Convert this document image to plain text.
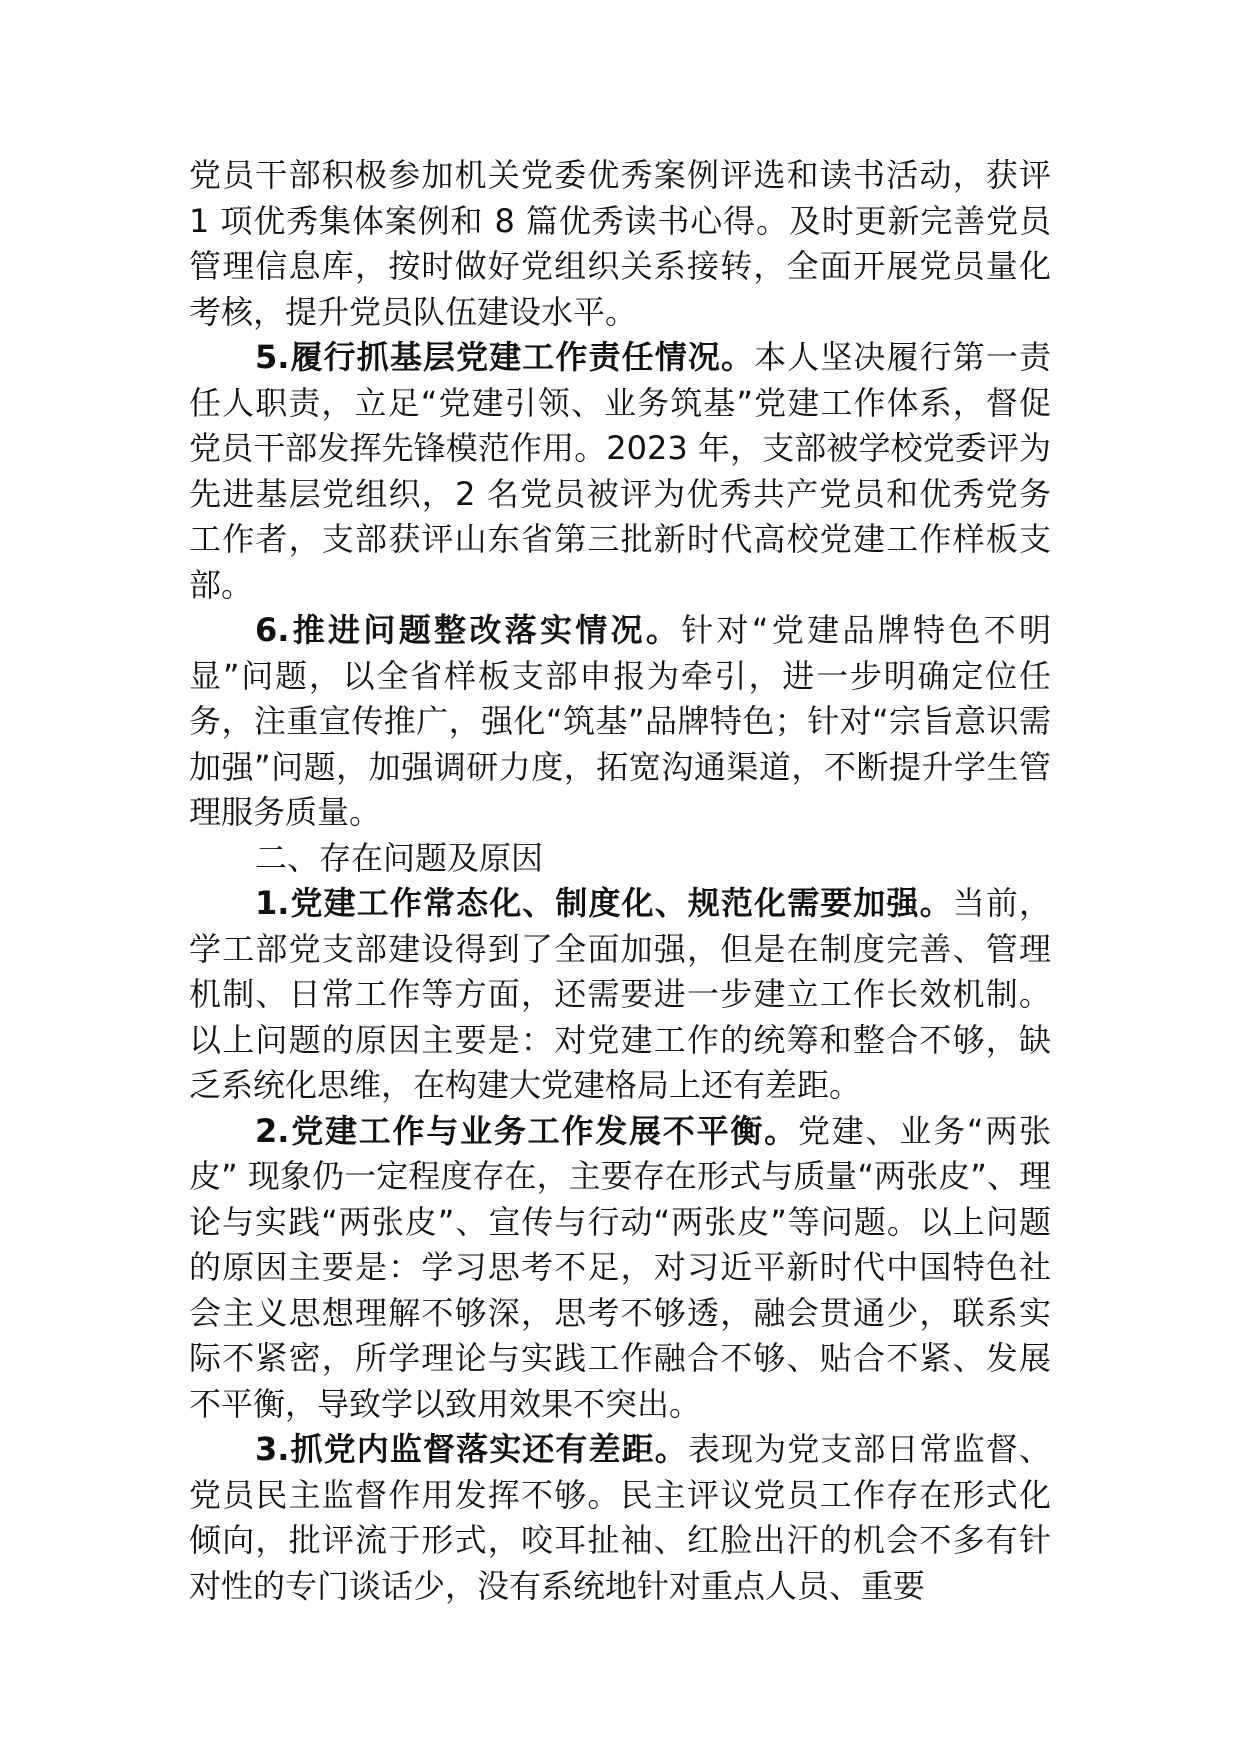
党员干部积极参加机关党委优秀案例评选和读书活动，获评 1 项优秀集体案例和 8 篇优秀读书心得。及时更新完善党员管理信息库，按时做好党组织关系接转，全面开展党员量化考核，提升党员队伍建设水平。

5.履行抓基层党建工作责任情况。本人坚决履行第一责任人职责，立足“党建引领、业务筑基”党建工作体系，督促党员干部发挥先锋模范作用。2023 年，支部被学校党委评为先进基层党组织，2 名党员被评为优秀共产党员和优秀党务工作者，支部获评山东省第三批新时代高校党建工作样板支部。

6.推进问题整改落实情况。针对“党建品牌特色不明显”问题，以全省样板支部申报为牵引，进一步明确定位任务，注重宣传推广，强化“筑基”品牌特色；针对“宗旨意识需加强”问题，加强调研力度，拓宽沟通渠道，不断提升学生管理服务质量。

二、存在问题及原因

1.党建工作常态化、制度化、规范化需要加强。当前，学工部党支部建设得到了全面加强，但是在制度完善、管理机制、日常工作等方面，还需要进一步建立工作长效机制。以上问题的原因主要是：对党建工作的统筹和整合不够，缺乏系统化思维，在构建大党建格局上还有差距。

2.党建工作与业务工作发展不平衡。党建、业务“两张皮” 现象仍一定程度存在，主要存在形式与质量“两张皮”、理论与实践“两张皮”、宣传与行动“两张皮”等问题。以上问题的原因主要是：学习思考不足，对习近平新时代中国特色社会主义思想理解不够深，思考不够透，融会贯通少，联系实际不紧密，所学理论与实践工作融合不够、贴合不紧、发展不平衡，导致学以致用效果不突出。

3.抓党内监督落实还有差距。表现为党支部日常监督、党员民主监督作用发挥不够。民主评议党员工作存在形式化倾向，批评流于形式，咬耳扯袖、红脸出汗的机会不多有针对性的专门谈话少，没有系统地针对重点人员、重要
